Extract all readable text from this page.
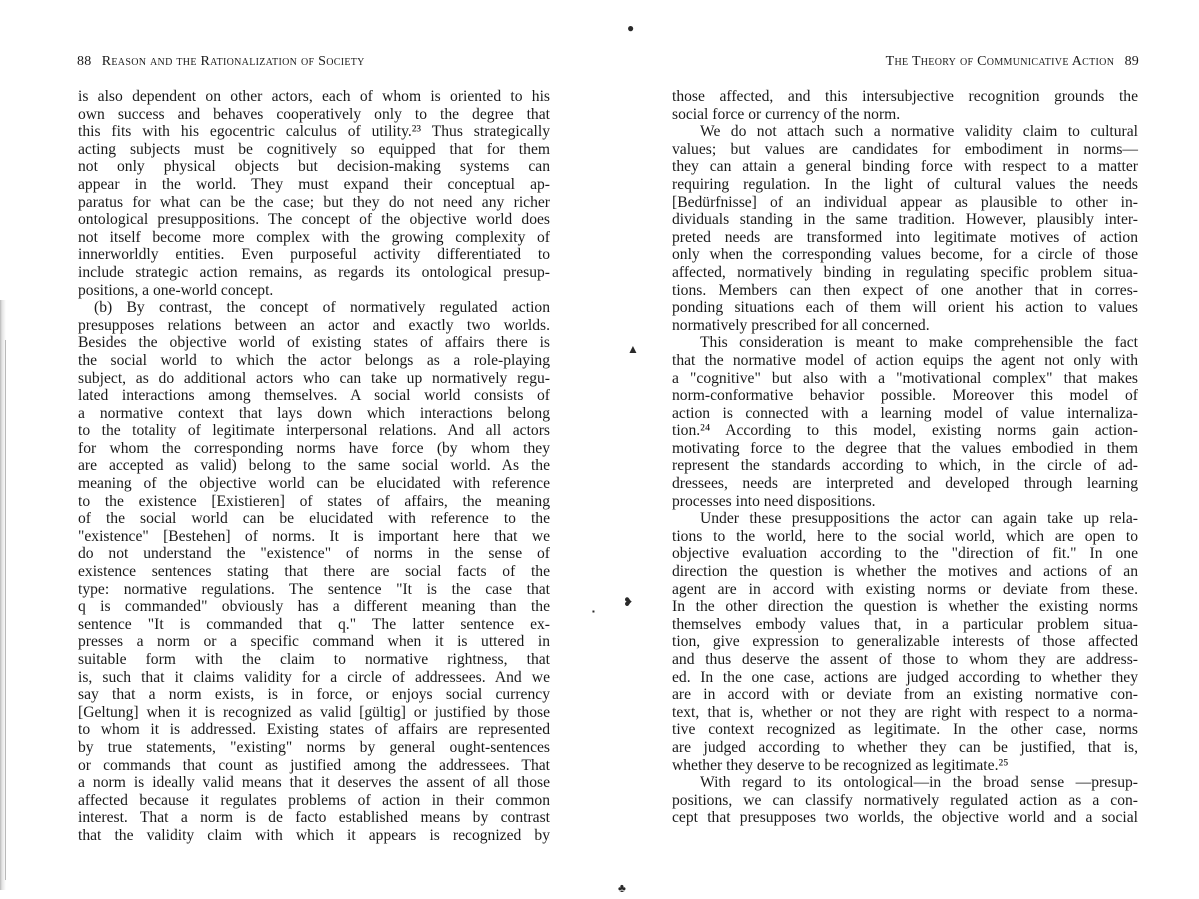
●
▲
❥
▪
♣
88 Reason and the Rationalization of Society
is also dependent on other actors, each of whom is oriented to his
own success and behaves cooperatively only to the degree that
this fits with his egocentric calculus of utility.²³ Thus strategically
acting subjects must be cognitively so equipped that for them
not only physical objects but decision-making systems can
appear in the world. They must expand their conceptual ap-
paratus for what can be the case; but they do not need any richer
ontological presuppositions. The concept of the objective world does
not itself become more complex with the growing complexity of
innerworldly entities. Even purposeful activity differentiated to
include strategic action remains, as regards its ontological presup-
positions, a one-world concept.
(b) By contrast, the concept of normatively regulated action
presupposes relations between an actor and exactly two worlds.
Besides the objective world of existing states of affairs there is
the social world to which the actor belongs as a role-playing
subject, as do additional actors who can take up normatively regu-
lated interactions among themselves. A social world consists of
a normative context that lays down which interactions belong
to the totality of legitimate interpersonal relations. And all actors
for whom the corresponding norms have force (by whom they
are accepted as valid) belong to the same social world. As the
meaning of the objective world can be elucidated with reference
to the existence [Existieren] of states of affairs, the meaning
of the social world can be elucidated with reference to the
"existence" [Bestehen] of norms. It is important here that we
do not understand the "existence" of norms in the sense of
existence sentences stating that there are social facts of the
type: normative regulations. The sentence "It is the case that
q is commanded" obviously has a different meaning than the
sentence "It is commanded that q." The latter sentence ex-
presses a norm or a specific command when it is uttered in
suitable form with the claim to normative rightness, that
is, such that it claims validity for a circle of addressees. And we
say that a norm exists, is in force, or enjoys social currency
[Geltung] when it is recognized as valid [gültig] or justified by those
to whom it is addressed. Existing states of affairs are represented
by true statements, "existing" norms by general ought-sentences
or commands that count as justified among the addressees. That
a norm is ideally valid means that it deserves the assent of all those
affected because it regulates problems of action in their common
interest. That a norm is de facto established means by contrast
that the validity claim with which it appears is recognized by
The Theory of Communicative Action 89
those affected, and this intersubjective recognition grounds the
social force or currency of the norm.
We do not attach such a normative validity claim to cultural
values; but values are candidates for embodiment in norms—
they can attain a general binding force with respect to a matter
requiring regulation. In the light of cultural values the needs
[Bedürfnisse] of an individual appear as plausible to other in-
dividuals standing in the same tradition. However, plausibly inter-
preted needs are transformed into legitimate motives of action
only when the corresponding values become, for a circle of those
affected, normatively binding in regulating specific problem situa-
tions. Members can then expect of one another that in corres-
ponding situations each of them will orient his action to values
normatively prescribed for all concerned.
This consideration is meant to make comprehensible the fact
that the normative model of action equips the agent not only with
a "cognitive" but also with a "motivational complex" that makes
norm-conformative behavior possible. Moreover this model of
action is connected with a learning model of value internaliza-
tion.²⁴ According to this model, existing norms gain action-
motivating force to the degree that the values embodied in them
represent the standards according to which, in the circle of ad-
dressees, needs are interpreted and developed through learning
processes into need dispositions.
Under these presuppositions the actor can again take up rela-
tions to the world, here to the social world, which are open to
objective evaluation according to the "direction of fit." In one
direction the question is whether the motives and actions of an
agent are in accord with existing norms or deviate from these.
In the other direction the question is whether the existing norms
themselves embody values that, in a particular problem situa-
tion, give expression to generalizable interests of those affected
and thus deserve the assent of those to whom they are address-
ed. In the one case, actions are judged according to whether they
are in accord with or deviate from an existing normative con-
text, that is, whether or not they are right with respect to a norma-
tive context recognized as legitimate. In the other case, norms
are judged according to whether they can be justified, that is,
whether they deserve to be recognized as legitimate.²⁵
With regard to its ontological—in the broad sense —presup-
positions, we can classify normatively regulated action as a con-
cept that presupposes two worlds, the objective world and a social
